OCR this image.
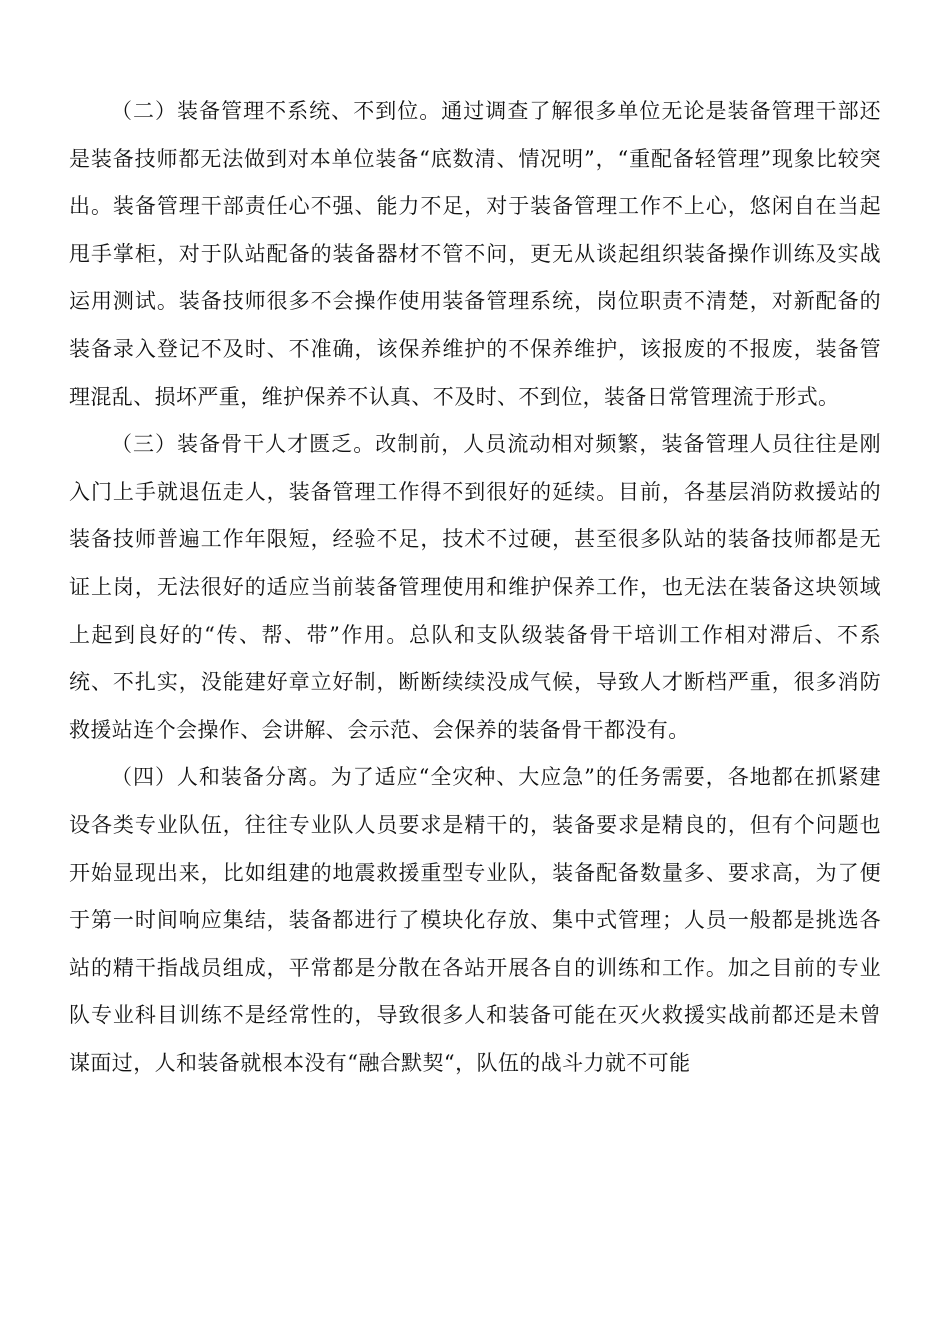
（二）装备管理不系统、不到位。通过调查了解很多单位无论是装备管理干部还是装备技师都无法做到对本单位装备“底数清、情况明”，“重配备轻管理”现象比较突出。装备管理干部责任心不强、能力不足，对于装备管理工作不上心，悠闲自在当起甩手掌柜，对于队站配备的装备器材不管不问，更无从谈起组织装备操作训练及实战运用测试。装备技师很多不会操作使用装备管理系统，岗位职责不清楚，对新配备的装备录入登记不及时、不准确，该保养维护的不保养维护，该报废的不报废，装备管理混乱、损坏严重，维护保养不认真、不及时、不到位，装备日常管理流于形式。

（三）装备骨干人才匮乏。改制前，人员流动相对频繁，装备管理人员往往是刚入门上手就退伍走人，装备管理工作得不到很好的延续。目前，各基层消防救援站的装备技师普遍工作年限短，经验不足，技术不过硬，甚至很多队站的装备技师都是无证上岗，无法很好的适应当前装备管理使用和维护保养工作，也无法在装备这块领域上起到良好的“传、帮、带”作用。总队和支队级装备骨干培训工作相对滞后、不系统、不扎实，没能建好章立好制，断断续续没成气候，导致人才断档严重，很多消防救援站连个会操作、会讲解、会示范、会保养的装备骨干都没有。

（四）人和装备分离。为了适应“全灾种、大应急”的任务需要，各地都在抓紧建设各类专业队伍，往往专业队人员要求是精干的，装备要求是精良的，但有个问题也开始显现出来，比如组建的地震救援重型专业队，装备配备数量多、要求高，为了便于第一时间响应集结，装备都进行了模块化存放、集中式管理；人员一般都是挑选各站的精干指战员组成，平常都是分散在各站开展各自的训练和工作。加之目前的专业队专业科目训练不是经常性的，导致很多人和装备可能在灭火救援实战前都还是未曾谋面过，人和装备就根本没有“融合默契“，队伍的战斗力就不可能
